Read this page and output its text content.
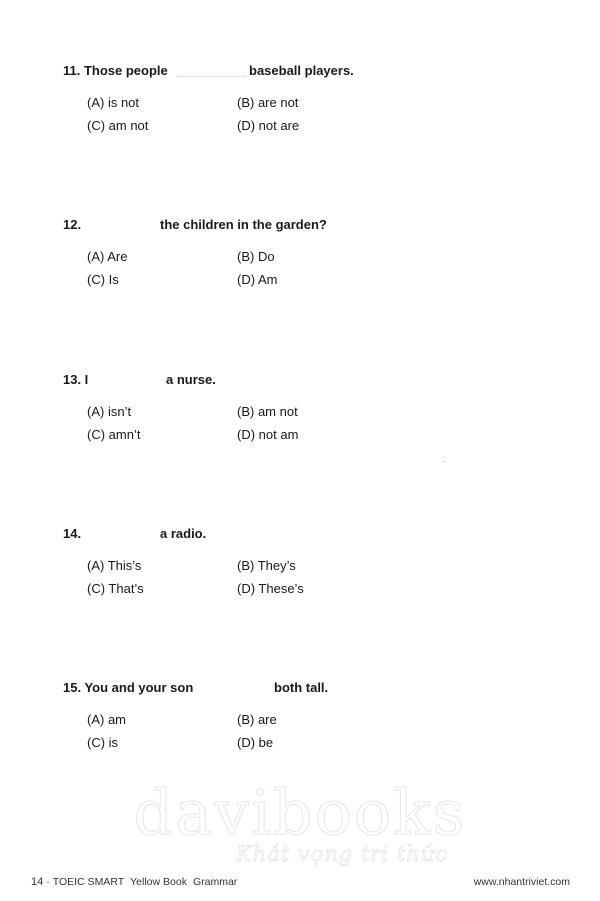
11. Those people	baseball players.
(A) is not	(B) are not
(C) am not	(D) not are
12.	the children in the garden?
(A) Are	(B) Do
(C) Is	(D) Am
13. I	a nurse.
(A) isn’t	(B) am not
(C) amn’t	(D) not am
14.	a radio.
(A) This’s	(B) They’s
(C) That’s	(D) These’s
15. You and your son	both tall.
(A) am	(B) are
(C) is	(D) be
davibooks
Khát vọng tri thức
14 - TOEIC SMART Yellow Book Grammar	www.nhantriviet.com
